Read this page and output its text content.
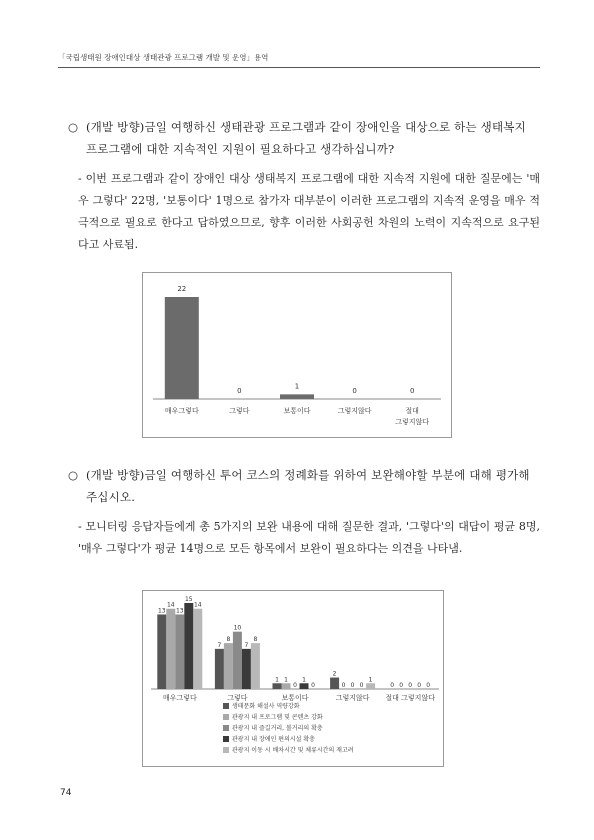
「국립생태원 장애인대상 생태관광 프로그램 개발 및 운영」용역
○ (개발 방향)금일 여행하신 생태관광 프로그램과 같이 장애인을 대상으로 하는 생태복지 프로그램에 대한 지속적인 지원이 필요하다고 생각하십니까?
- 이번 프로그램과 같이 장애인 대상 생태복지 프로그램에 대한 지속적 지원에 대한 질문에는 '매우 그렇다' 22명, '보통이다' 1명으로 참가자 대부분이 이러한 프로그램의 지속적 운영을 매우 적극적으로 필요로 한다고 답하였으므로, 향후 이러한 사회공헌 차원의 노력이 지속적으로 요구된다고 사료됨.
22
매우그렇다
0
그렇다
1
보통이다
0
그렇지않다
0
절대
그렇지않다
○ (개발 방향)금일 여행하신 투어 코스의 정례화를 위하여 보완해야할 부분에 대해 평가해주십시오.
- 모니터링 응답자들에게 총 5가지의 보완 내용에 대해 질문한 결과, '그렇다'의 대답이 평균 8명, '매우 그렇다'가 평균 14명으로 모든 항목에서 보완이 필요하다는 의견을 나타냄.
13
14
13
15
14
매우그렇다
7
8
10
7
8
그렇다
1 1
0
1
0
보통이다
2
0 0 0
1
그렇지않다
0 0 0 0 0
절대 그렇지않다
생태문화 해설사 역량강화
관광지 내 프로그램 및 콘텐츠 강화
관광지 내 즐길거리, 볼거리의 확충
관광지 내 장애인 편의시설 확충
관광지 이동 시 배차시간 및 체류시간의 재고려
74
